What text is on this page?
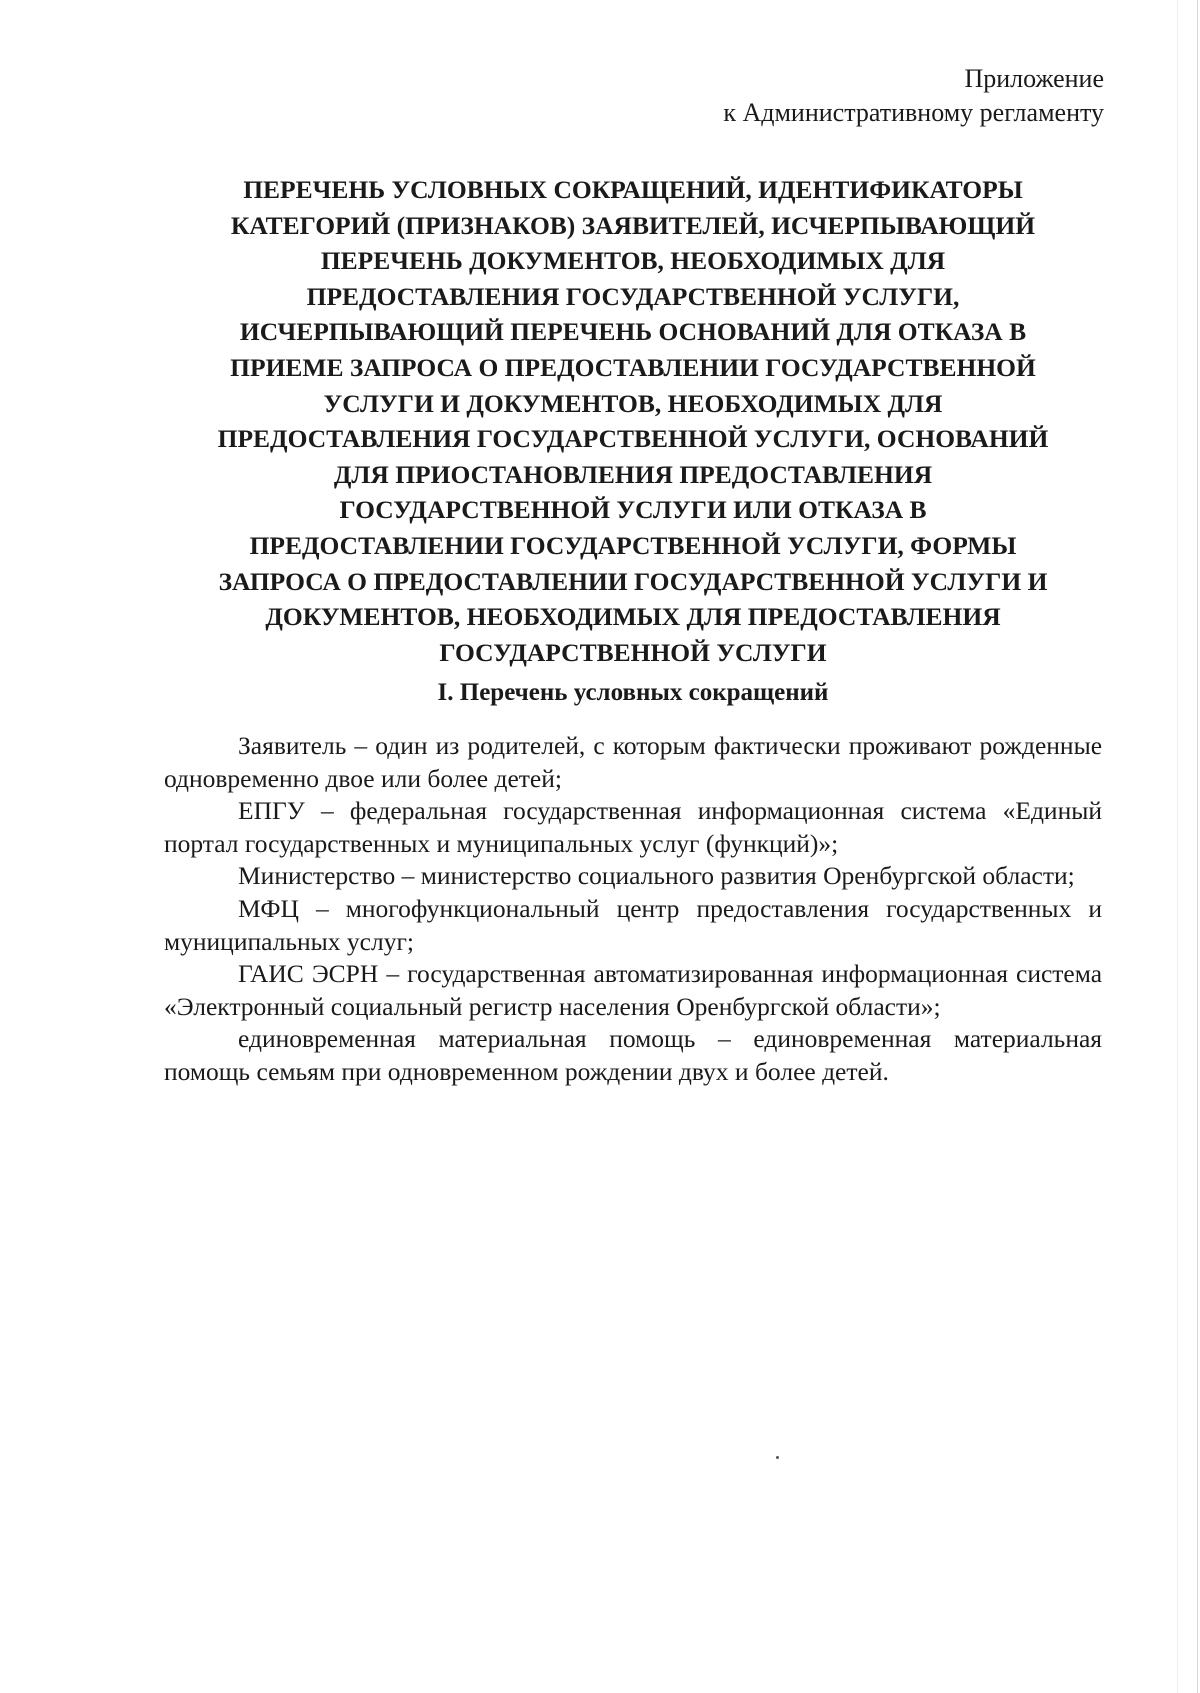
Приложение
к Административному регламенту
ПЕРЕЧЕНЬ УСЛОВНЫХ СОКРАЩЕНИЙ, ИДЕНТИФИКАТОРЫ
КАТЕГОРИЙ (ПРИЗНАКОВ) ЗАЯВИТЕЛЕЙ, ИСЧЕРПЫВАЮЩИЙ
ПЕРЕЧЕНЬ ДОКУМЕНТОВ, НЕОБХОДИМЫХ ДЛЯ
ПРЕДОСТАВЛЕНИЯ ГОСУДАРСТВЕННОЙ УСЛУГИ,
ИСЧЕРПЫВАЮЩИЙ ПЕРЕЧЕНЬ ОСНОВАНИЙ ДЛЯ ОТКАЗА В
ПРИЕМЕ ЗАПРОСА О ПРЕДОСТАВЛЕНИИ ГОСУДАРСТВЕННОЙ
УСЛУГИ И ДОКУМЕНТОВ, НЕОБХОДИМЫХ ДЛЯ
ПРЕДОСТАВЛЕНИЯ ГОСУДАРСТВЕННОЙ УСЛУГИ, ОСНОВАНИЙ
ДЛЯ ПРИОСТАНОВЛЕНИЯ ПРЕДОСТАВЛЕНИЯ
ГОСУДАРСТВЕННОЙ УСЛУГИ ИЛИ ОТКАЗА В
ПРЕДОСТАВЛЕНИИ ГОСУДАРСТВЕННОЙ УСЛУГИ, ФОРМЫ
ЗАПРОСА О ПРЕДОСТАВЛЕНИИ ГОСУДАРСТВЕННОЙ УСЛУГИ И
ДОКУМЕНТОВ, НЕОБХОДИМЫХ ДЛЯ ПРЕДОСТАВЛЕНИЯ
ГОСУДАРСТВЕННОЙ УСЛУГИ
I. Перечень условных сокращений

Заявитель – один из родителей, с которым фактически проживают рожденные одновременно двое или более детей;

ЕПГУ – федеральная государственная информационная система «Единый портал государственных и муниципальных услуг (функций)»;

Министерство – министерство социального развития Оренбургской области;

МФЦ – многофункциональный центр предоставления государственных и муниципальных услуг;

ГАИС ЭСРН – государственная автоматизированная информационная система «Электронный социальный регистр населения Оренбургской области»;

единовременная материальная помощь – единовременная материальная помощь семьям при одновременном рождении двух и более детей.
